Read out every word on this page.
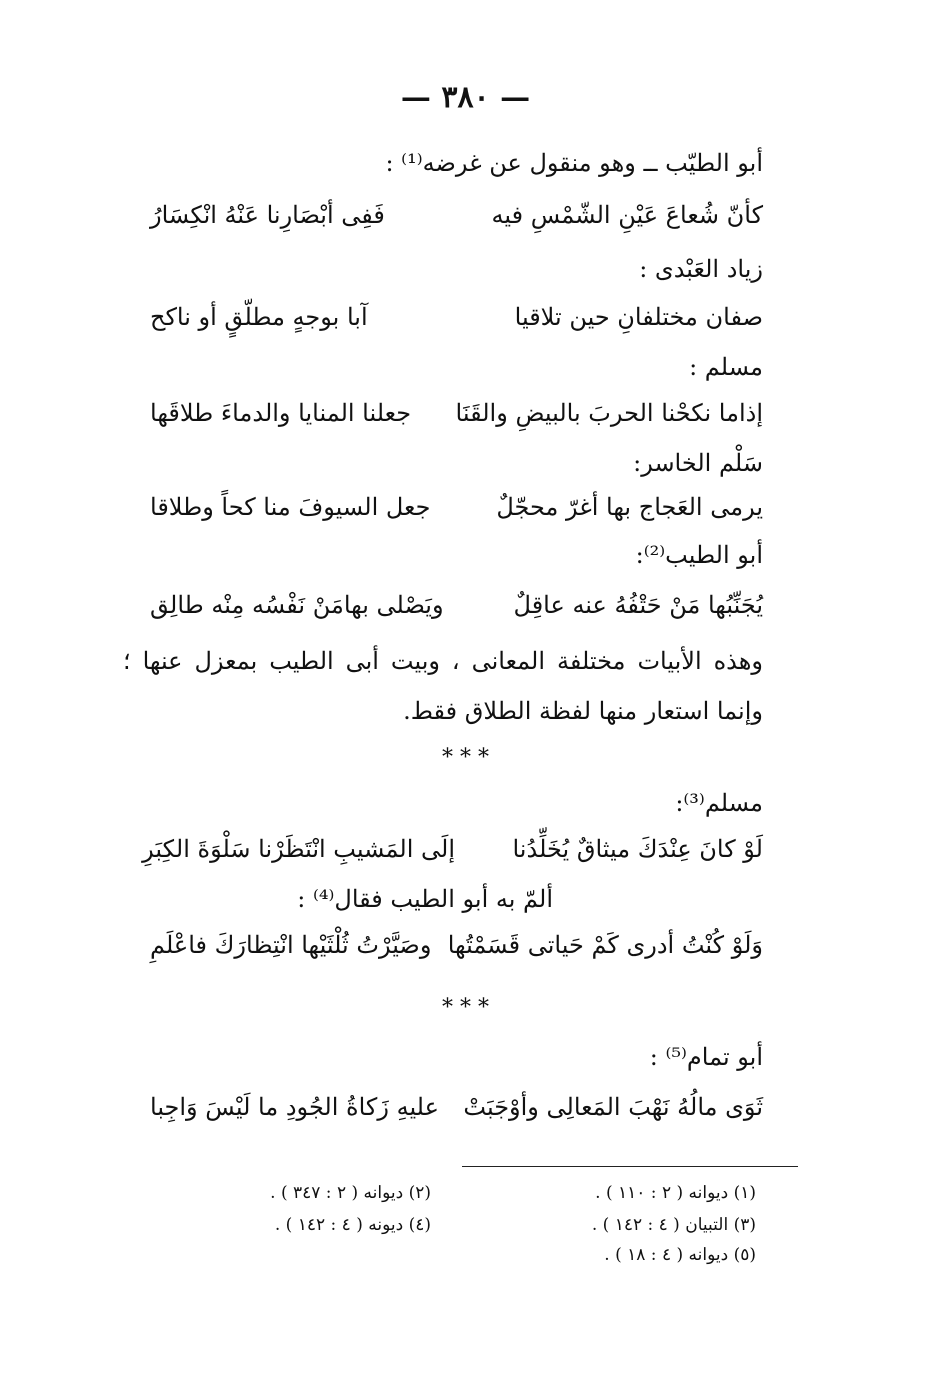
— ٣٨٠ —
أبو الطيّب ــ وهو منقول عن غرضه⁽¹⁾ :
كأنّ شُعاعَ عَيْنِ الشّمْسِ فيه
فَفِى أبْصَارِنا عَنْهُ انْكِسَارُ
زياد العَبْدى :
صفان مختلفانِ حين تلاقيا
آبا بوجهٍ مطلّقٍ أو ناكح
مسلم :
إذاما نكحْنا الحربَ بالبيضِ والقَنَا
جعلنا المنايا والدماءَ طلاقَها
سَلْم الخاسر:
يرمى العَجاج بها أغرّ محجّلٌ
جعل السيوفَ منا كحاً وطلاقا
أبو الطيب⁽²⁾:
يُجَنِّبُها مَنْ حَتْفُهُ عنه عاقِلٌ
ويَصْلى بهامَنْ نَفْسُه مِنْه طالِق
وهذه الأبيات مختلفة المعانى ، وبيت أبى الطيب بمعزل عنها ؛ وإنما استعار منها لفظة الطلاق فقط.
⁎ ⁎ ⁎
مسلم⁽³⁾:
لَوْ كانَ عِنْدَكَ ميثاقٌ يُخَلِّدُنا
إلَى المَشيبِ انْتَظَرْنا سَلْوَةَ الكِبَرِ
ألمّ به أبو الطيب فقال⁽⁴⁾ :
وَلَوْ كُنْتُ أدرى كَمْ حَياتى قَسَمْتُها
وصَيَّرْتُ ثُلْثَيْها انْتِظارَكَ فاعْلَمِ
⁎ ⁎ ⁎
أبو تمام⁽⁵⁾ :
ثَوَى مالُهُ نَهْبَ المَعالِى وأوْجَبَتْ
عليهِ زَكاةُ الجُودِ ما لَيْسَ وَاجِبا
(١) ديوانه ( ٢ : ١١٠ ) .
(٢) ديوانه ( ٢ : ٣٤٧ ) .
(٣) التبيان ( ٤ : ١٤٢ ) .
(٤) ديونه ( ٤ : ١٤٢ ) .
(٥) ديوانه ( ٤ : ١٨ ) .
